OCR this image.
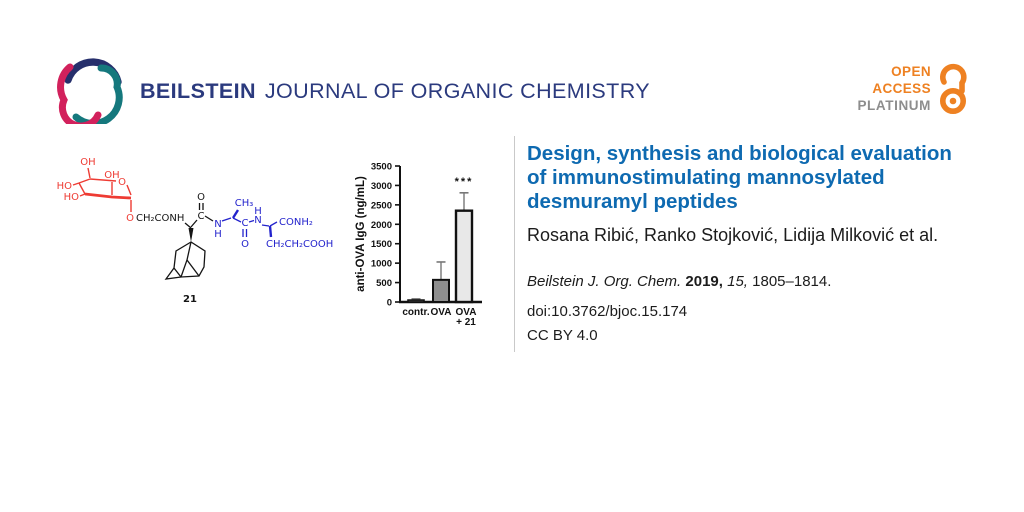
BEILSTEIN JOURNAL OF ORGANIC CHEMISTRY
OPEN
ACCESS
PLATINUM
OH
OH
HO
HO
O
O CH₂CONH
O
C
21
N
H
CH₃
C
O
H
N CONH₂
CH₂CH₂COOH
0
500
1000
1500
2000
2500
3000
3500
anti-OVA IgG (ng/mL)
contr. OVA OVA
+ 21
***
Design, synthesis and biological evaluation
of immunostimulating mannosylated
desmuramyl peptides
Rosana Ribić, Ranko Stojković, Lidija Milković et al.
Beilstein J. Org. Chem. 2019, 15, 1805–1814.
doi:10.3762/bjoc.15.174
CC BY 4.0
